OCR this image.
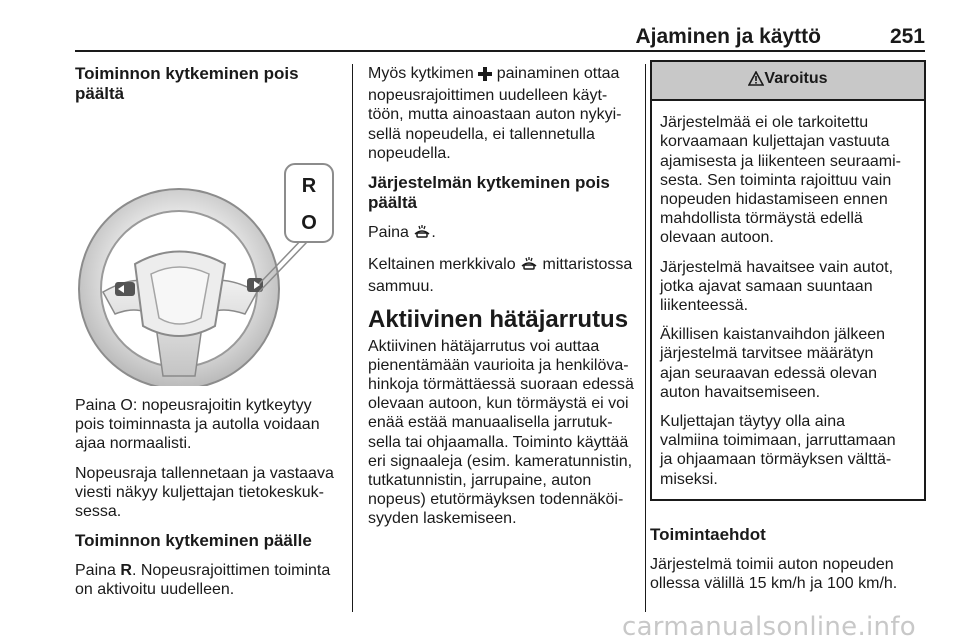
Ajaminen ja käyttö	251
Toiminnon kytkeminen pois
päältä
R
O

Paina O: nopeusrajoitin kytkeytyy
pois toiminnasta ja autolla voidaan
ajaa normaalisti.

Nopeusraja tallennetaan ja vastaava
viesti näkyy kuljettajan tietokeskuk-
sessa.

Toiminnon kytkeminen päälle

Paina R. Nopeusrajoittimen toiminta
on aktivoitu uudelleen.

Myös kytkimen  painaminen ottaa
nopeusrajoittimen uudelleen käyt-
töön, mutta ainoastaan auton nykyi-
sellä nopeudella, ei tallennetulla
nopeudella.

Järjestelmän kytkeminen pois
päältä

Paina .

Keltainen merkkivalo  mittaristossa
sammuu.

Aktiivinen hätäjarrutus

Aktiivinen hätäjarrutus voi auttaa
pienentämään vaurioita ja henkilöva-
hinkoja törmättäessä suoraan edessä
olevaan autoon, kun törmäystä ei voi
enää estää manuaalisella jarrutuk-
sella tai ohjaamalla. Toiminto käyttää
eri signaaleja (esim. kameratunnistin,
tutkatunnistin, jarrupaine, auton
nopeus) etutörmäyksen todennäköi-
syyden laskemiseen.

Varoitus

Järjestelmää ei ole tarkoitettu
korvaamaan kuljettajan vastuuta
ajamisesta ja liikenteen seuraami-
sesta. Sen toiminta rajoittuu vain
nopeuden hidastamiseen ennen
mahdollista törmäystä edellä
olevaan autoon.

Järjestelmä havaitsee vain autot,
jotka ajavat samaan suuntaan
liikenteessä.

Äkillisen kaistanvaihdon jälkeen
järjestelmä tarvitsee määrätyn
ajan seuraavan edessä olevan
auton havaitsemiseen.

Kuljettajan täytyy olla aina
valmiina toimimaan, jarruttamaan
ja ohjaamaan törmäyksen välttä-
miseksi.

Toimintaehdot

Järjestelmä toimii auton nopeuden
ollessa välillä 15 km/h ja 100 km/h.

carmanualsonline.info
